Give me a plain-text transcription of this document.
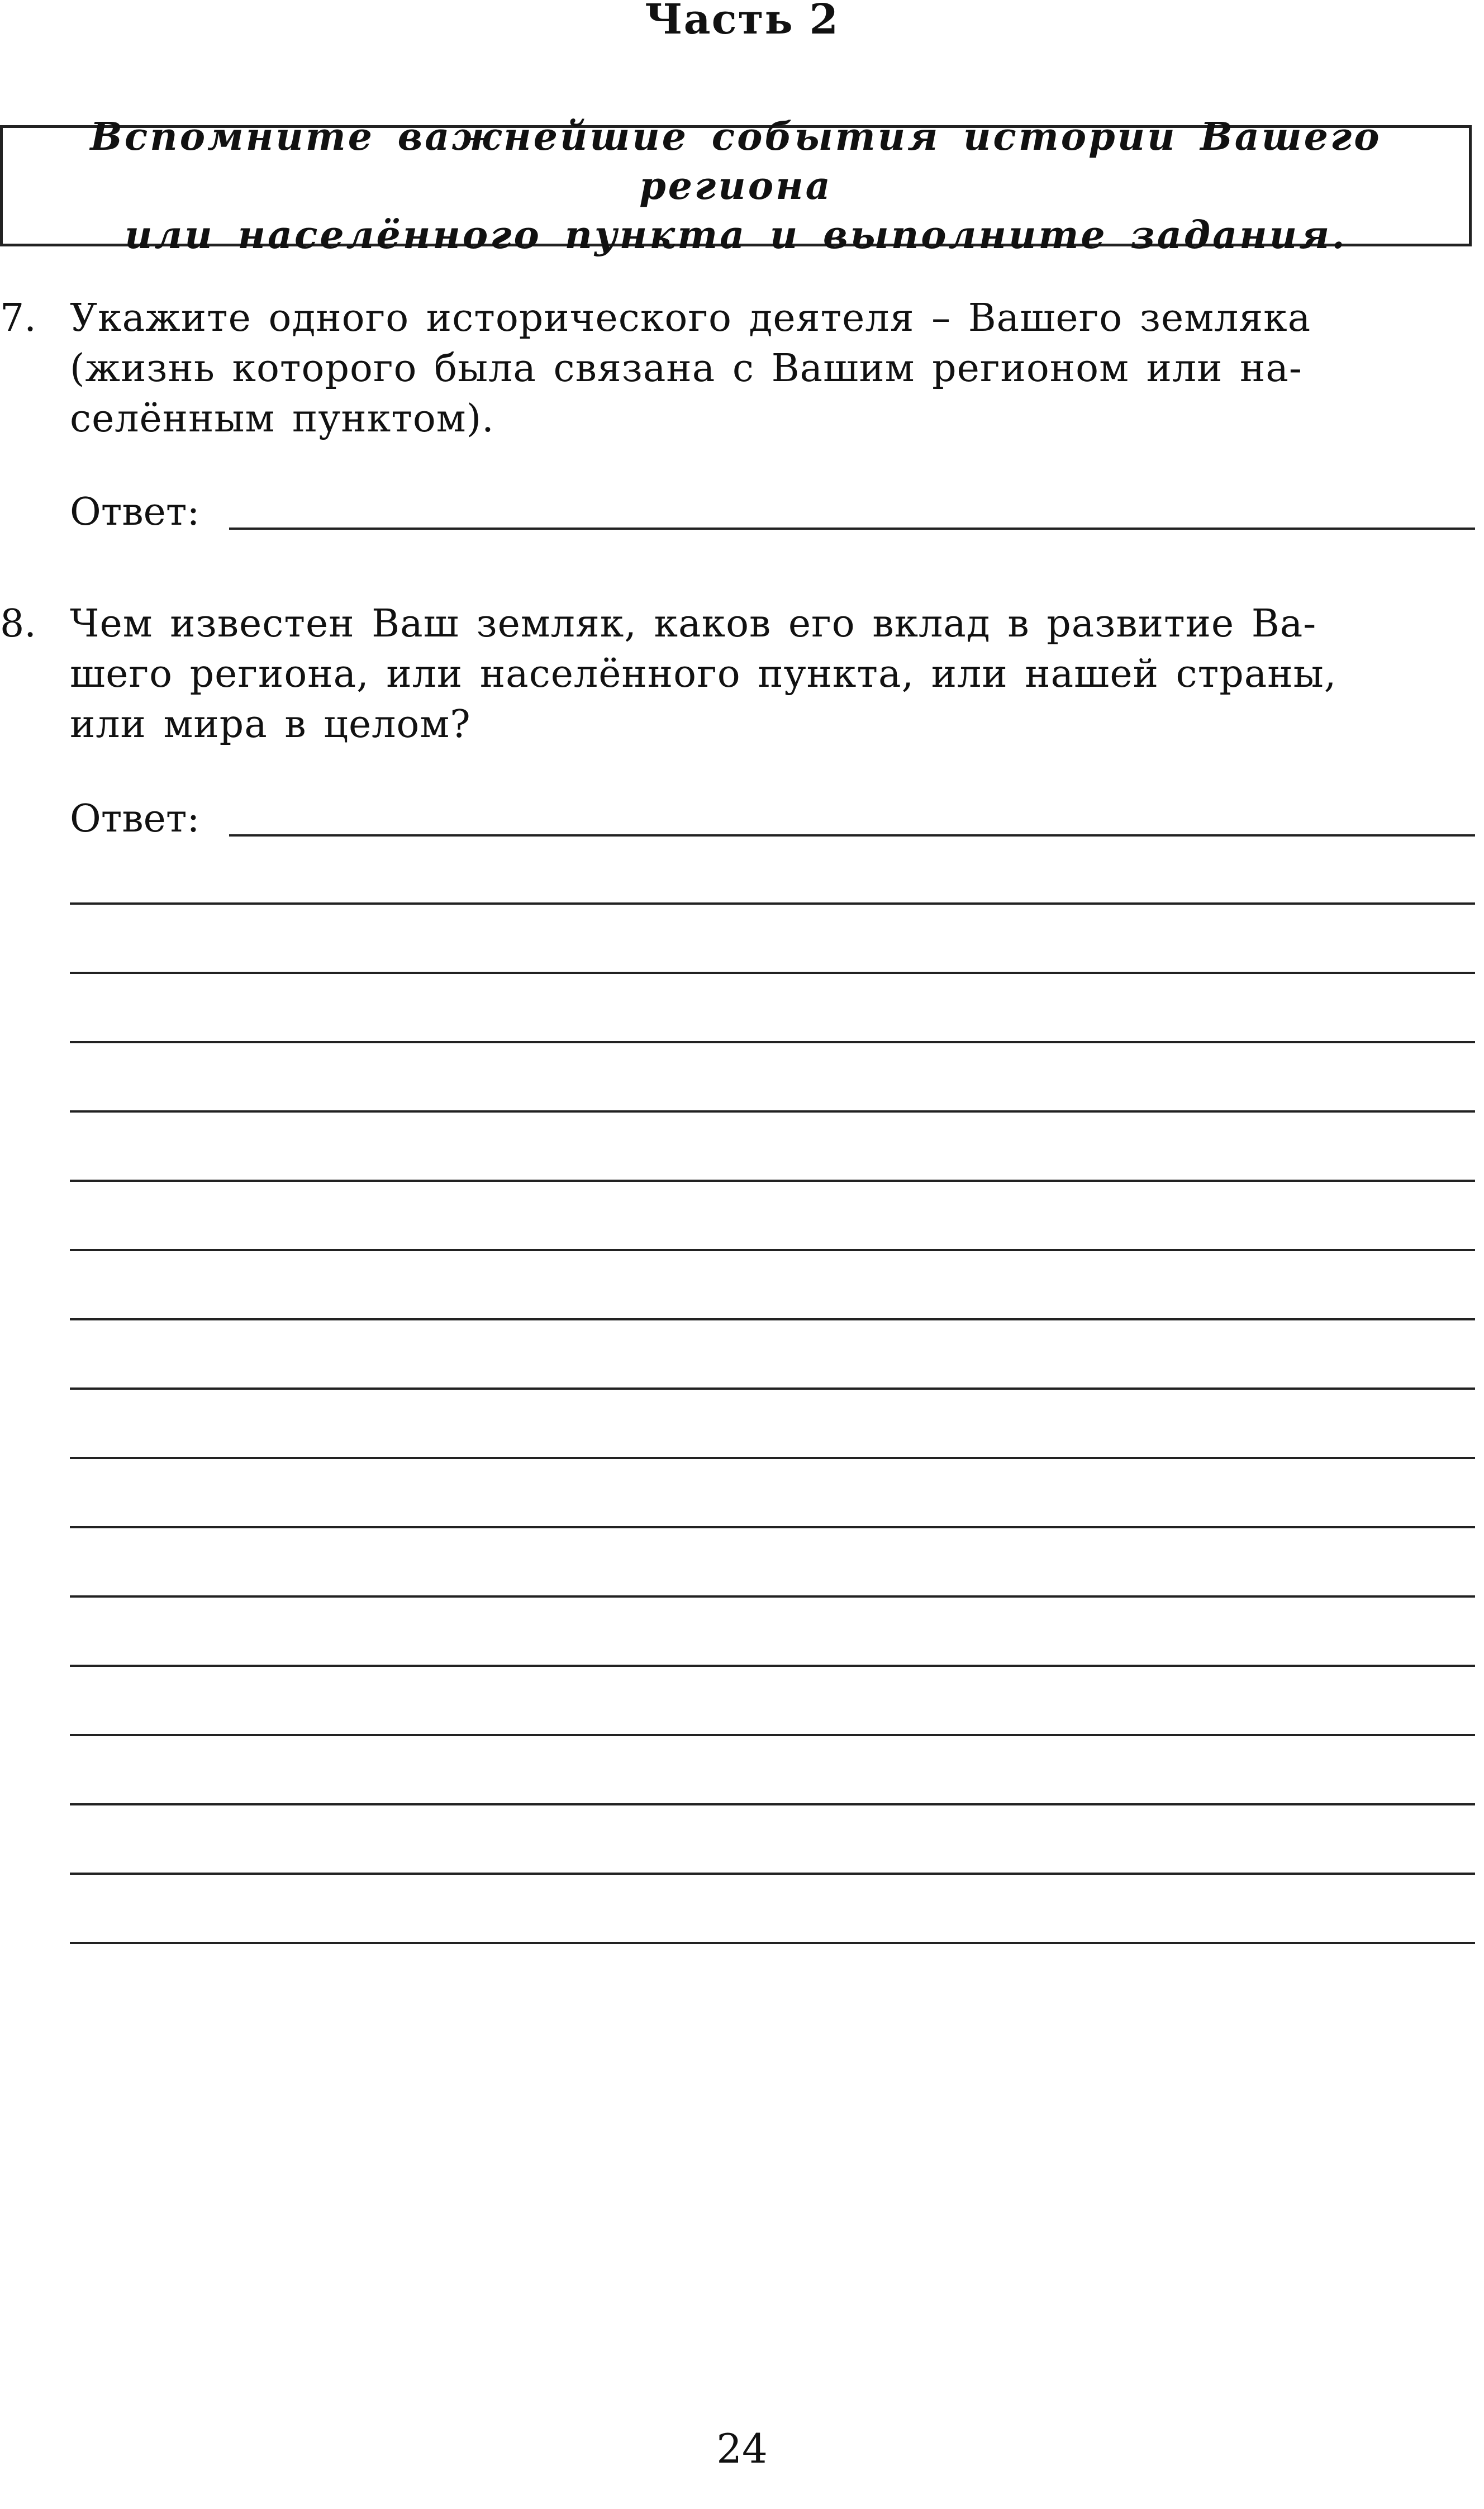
Часть 2
Вспомните важнейшие события истории Вашего региона
или населённого пункта и выполните задания.
7. Укажите одного исторического деятеля – Вашего земляка
(жизнь которого была связана с Вашим регионом или на-
селённым пунктом).
Ответ:
8. Чем известен Ваш земляк, каков его вклад в развитие Ва-
шего региона, или населённого пункта, или нашей страны,
или мира в целом?
Ответ:
24
